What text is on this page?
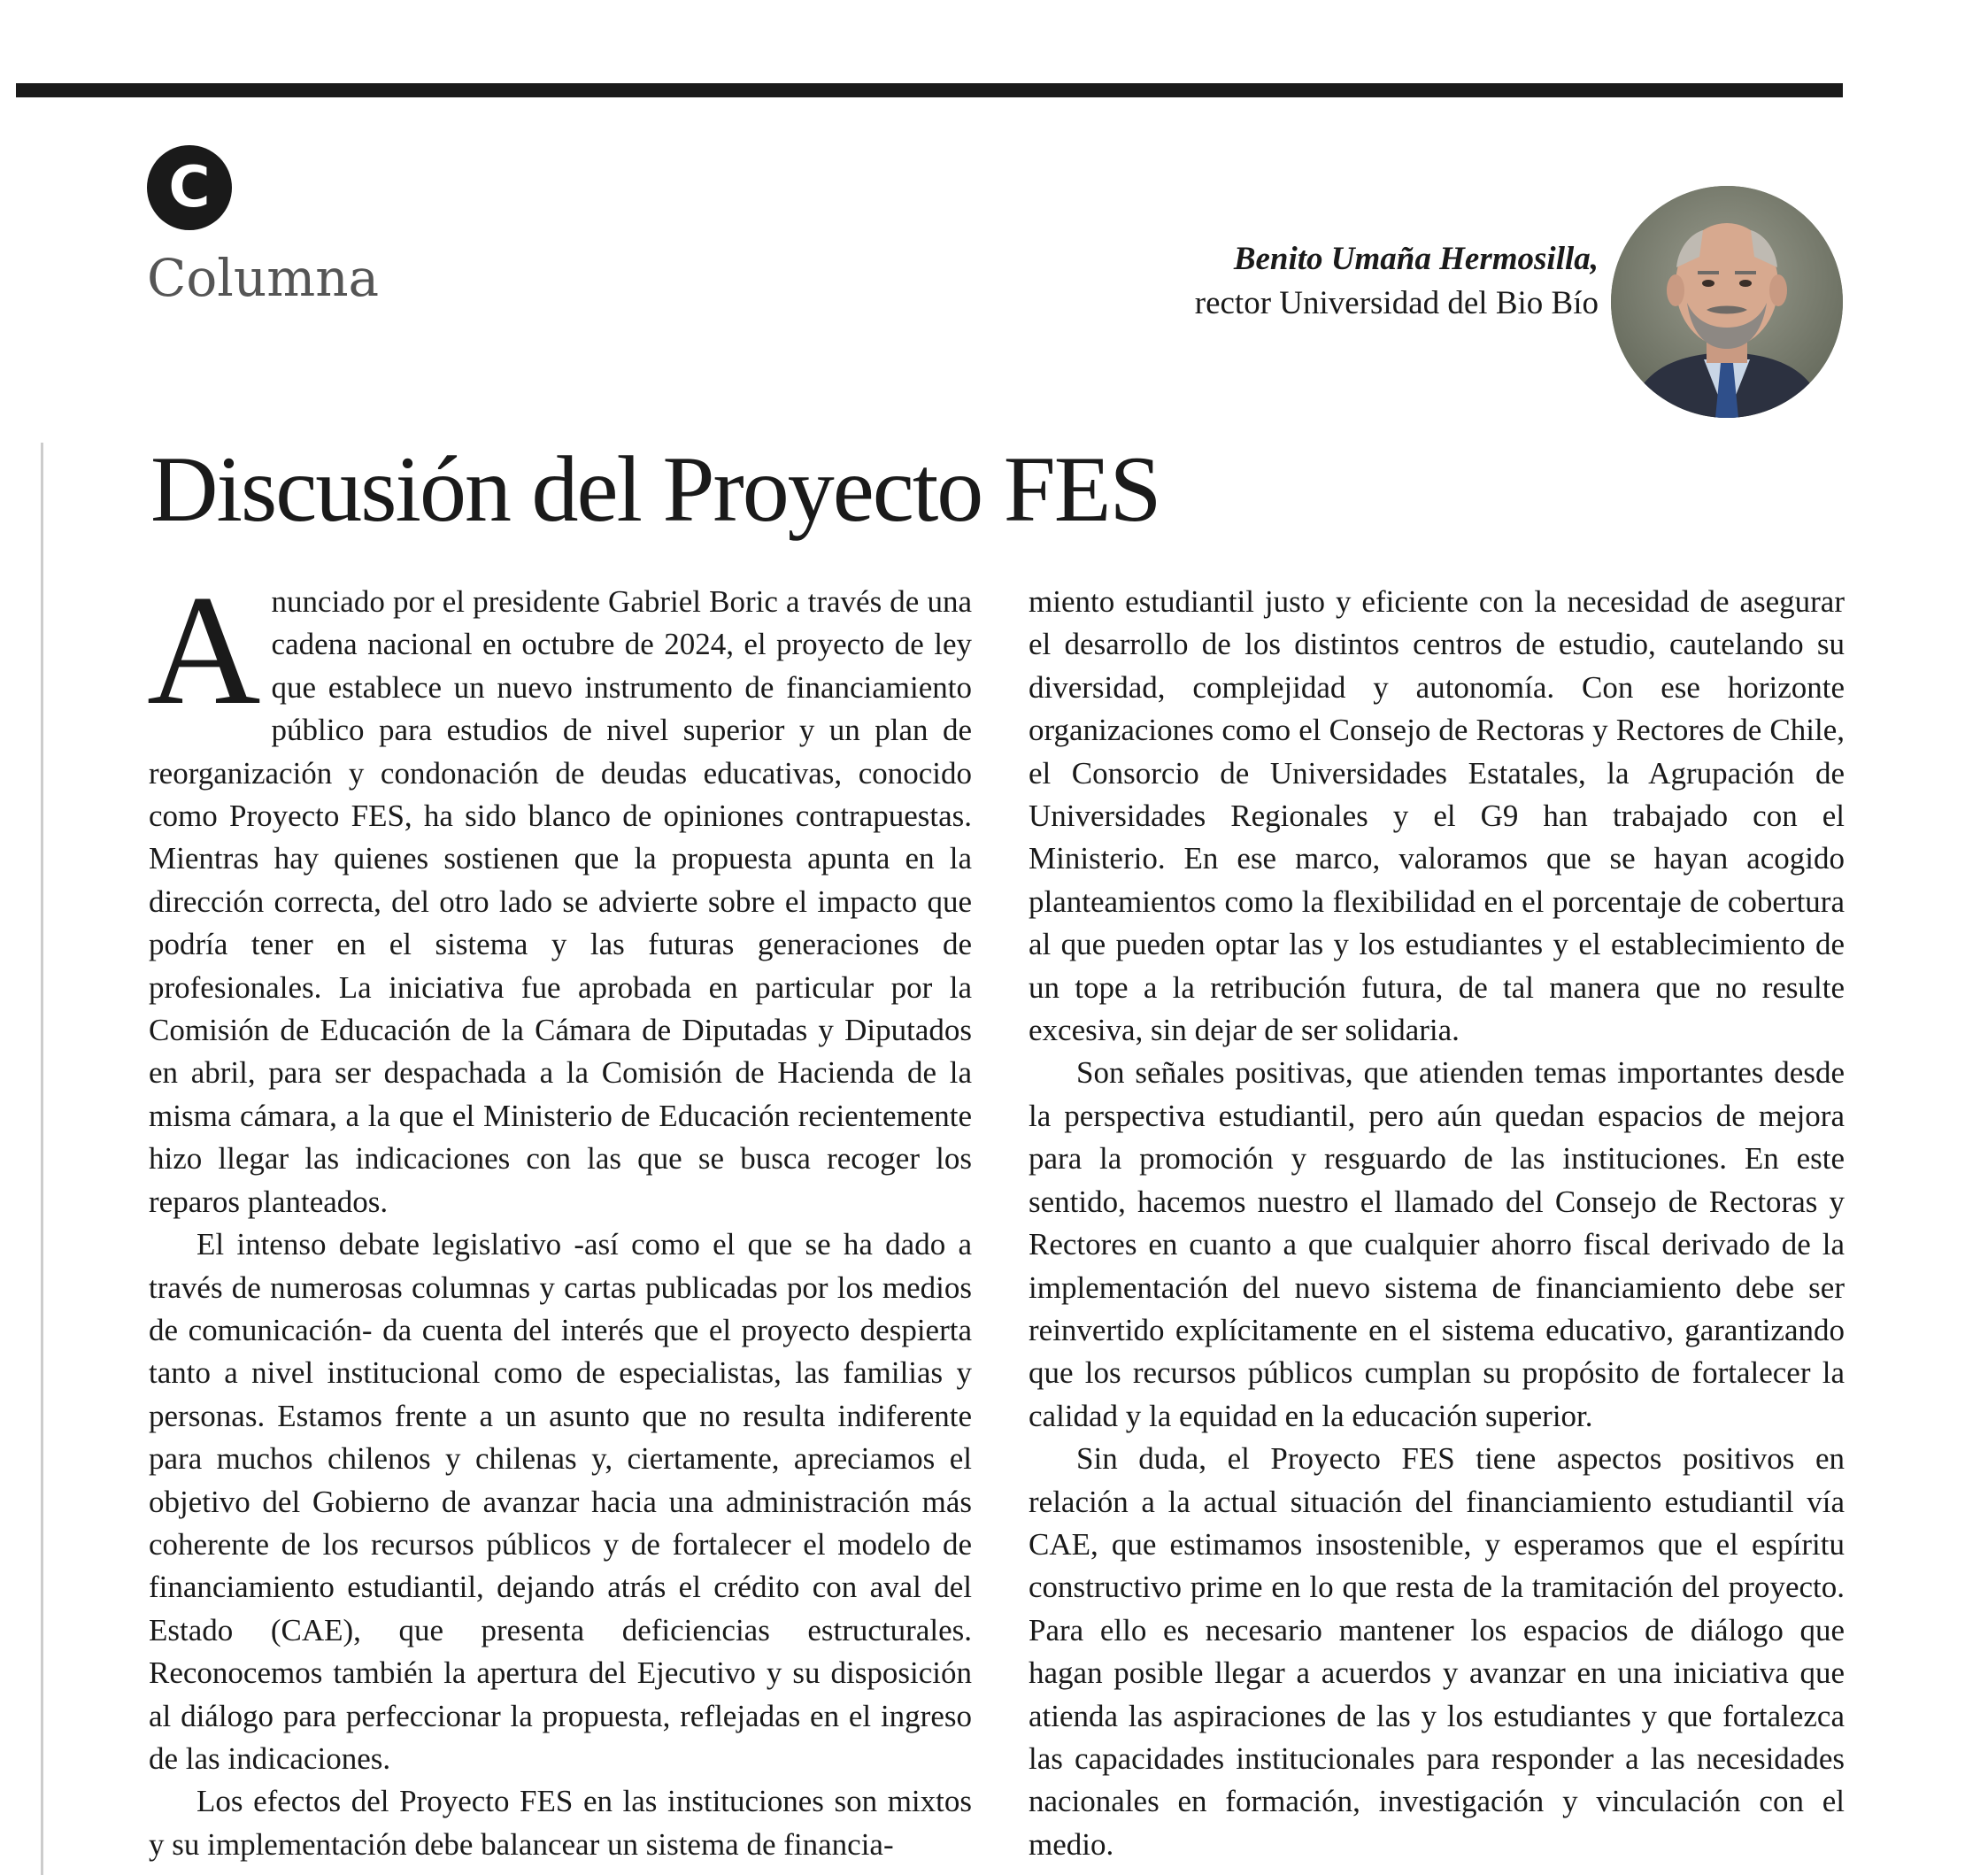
C
Columna	Benito Umaña Hermosilla,
rector Universidad del Bio Bío
Discusión del Proyecto FES

Anunciado por el presidente Gabriel Boric a través de una cadena nacional en octubre de 2024, el proyecto de ley que establece un nuevo instrumento de financiamiento público para estudios de nivel superior y un plan de reorganización y condonación de deudas educativas, conocido como Proyecto FES, ha sido blanco de opiniones contrapuestas. Mientras hay quienes sostienen que la propuesta apunta en la dirección correcta, del otro lado se advierte sobre el impacto que podría tener en el sistema y las futuras generaciones de profesionales. La iniciativa fue aprobada en particular por la Comisión de Educación de la Cámara de Diputadas y Diputados en abril, para ser despachada a la Comisión de Hacienda de la misma cámara, a la que el Ministerio de Educación recientemente hizo llegar las indicaciones con las que se busca recoger los reparos planteados.

El intenso debate legislativo -así como el que se ha dado a través de numerosas columnas y cartas publicadas por los medios de comunicación- da cuenta del interés que el proyecto despierta tanto a nivel institucional como de especialistas, las familias y personas. Estamos frente a un asunto que no resulta indiferente para muchos chilenos y chilenas y, ciertamente, apreciamos el objetivo del Gobierno de avanzar hacia una administración más coherente de los recursos públicos y de fortalecer el modelo de financiamiento estudiantil, dejando atrás el crédito con aval del Estado (CAE), que presenta deficiencias estructurales. Reconocemos también la apertura del Ejecutivo y su disposición al diálogo para perfeccionar la propuesta, reflejadas en el ingreso de las indicaciones.

Los efectos del Proyecto FES en las instituciones son mixtos y su implementación debe balancear un sistema de financia-

miento estudiantil justo y eficiente con la necesidad de asegurar el desarrollo de los distintos centros de estudio, cautelando su diversidad, complejidad y autonomía. Con ese horizonte organizaciones como el Consejo de Rectoras y Rectores de Chile, el Consorcio de Universidades Estatales, la Agrupación de Universidades Regionales y el G9 han trabajado con el Ministerio. En ese marco, valoramos que se hayan acogido planteamientos como la flexibilidad en el porcentaje de cobertura al que pueden optar las y los estudiantes y el establecimiento de un tope a la retribución futura, de tal manera que no resulte excesiva, sin dejar de ser solidaria.

Son señales positivas, que atienden temas importantes desde la perspectiva estudiantil, pero aún quedan espacios de mejora para la promoción y resguardo de las instituciones. En este sentido, hacemos nuestro el llamado del Consejo de Rectoras y Rectores en cuanto a que cualquier ahorro fiscal derivado de la implementación del nuevo sistema de financiamiento debe ser reinvertido explícitamente en el sistema educativo, garantizando que los recursos públicos cumplan su propósito de fortalecer la calidad y la equidad en la educación superior.

Sin duda, el Proyecto FES tiene aspectos positivos en relación a la actual situación del financiamiento estudiantil vía CAE, que estimamos insostenible, y esperamos que el espíritu constructivo prime en lo que resta de la tramitación del proyecto. Para ello es necesario mantener los espacios de diálogo que hagan posible llegar a acuerdos y avanzar en una iniciativa que atienda las aspiraciones de las y los estudiantes y que fortalezca las capacidades institucionales para responder a las necesidades nacionales en formación, investigación y vinculación con el medio.
